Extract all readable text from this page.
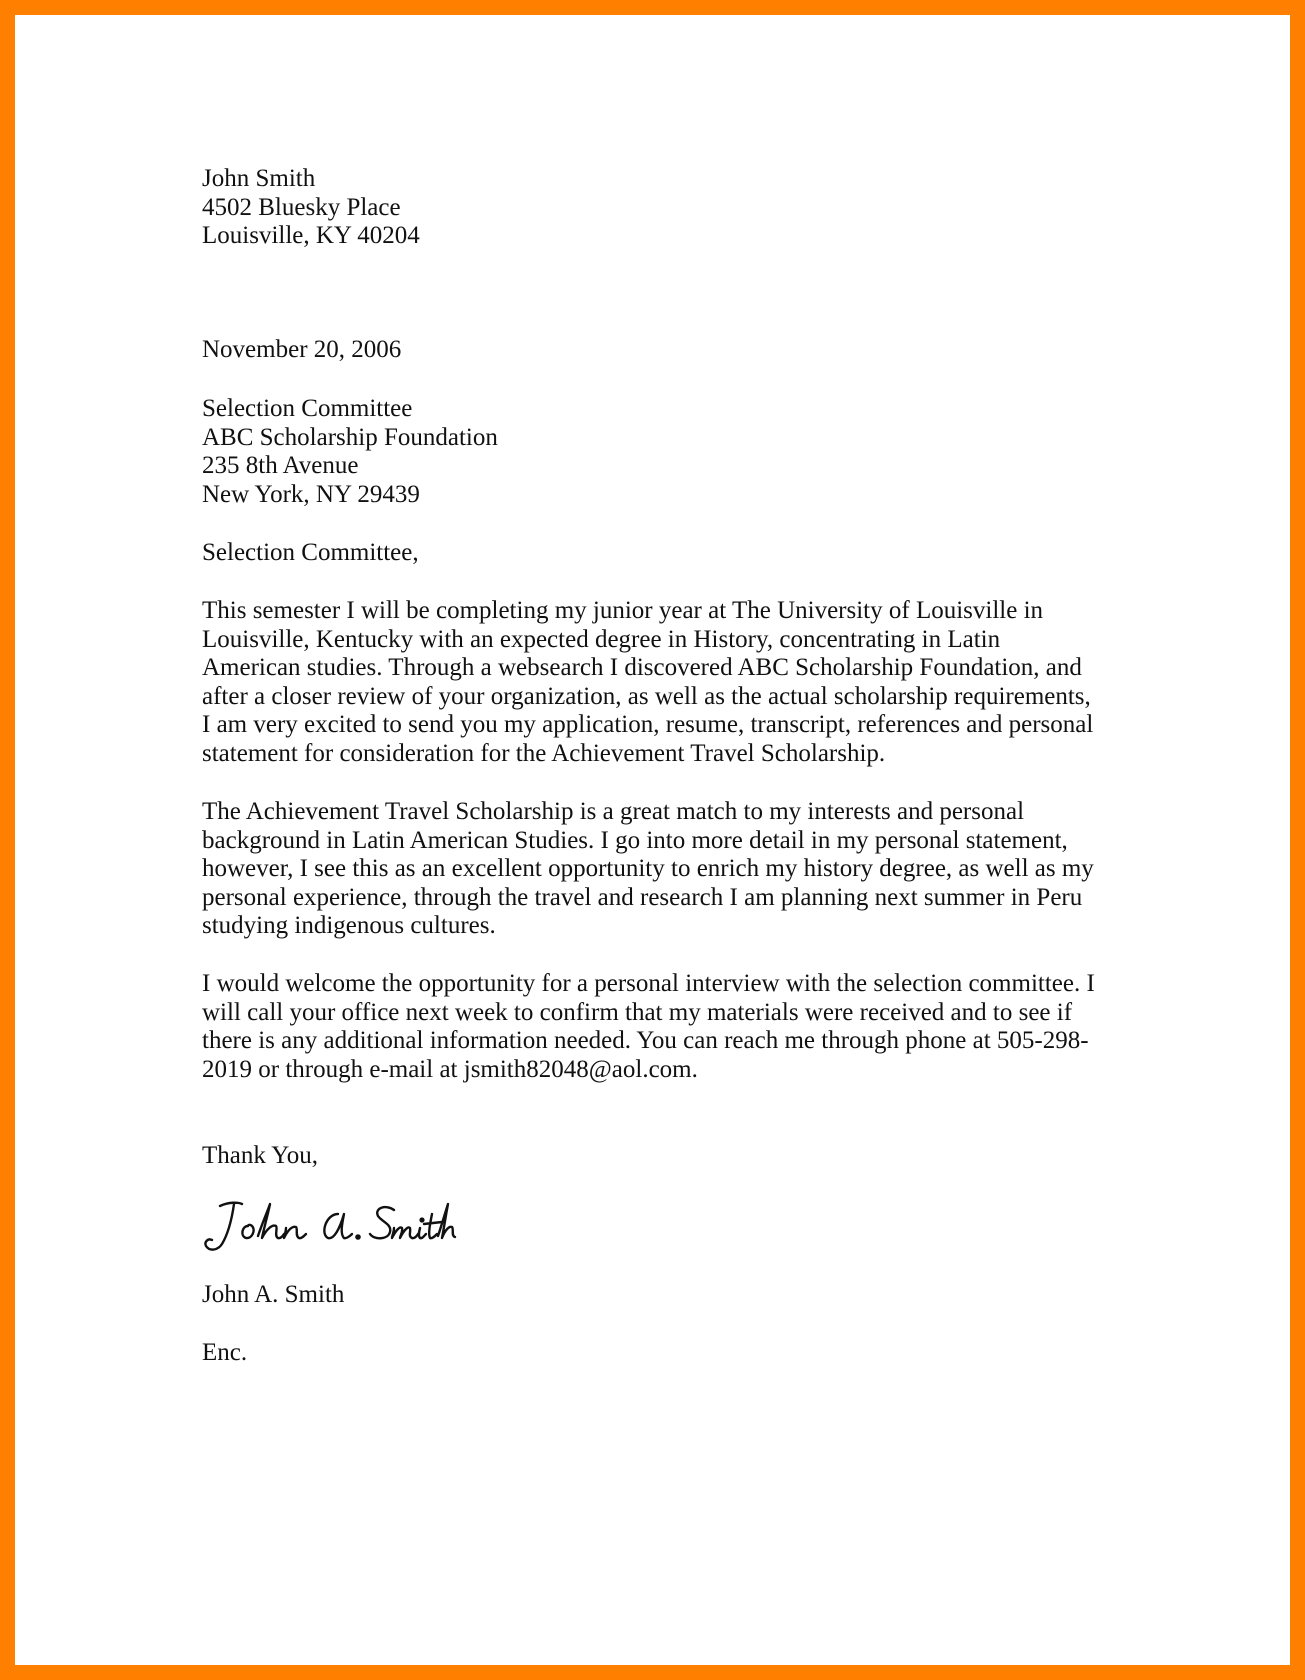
John Smith
4502 Bluesky Place
Louisville, KY 40204
November 20, 2006
Selection Committee
ABC Scholarship Foundation
235 8th Avenue
New York, NY 29439
Selection Committee,
This semester I will be completing my junior year at The University of Louisville in
Louisville, Kentucky with an expected degree in History, concentrating in Latin
American studies. Through a websearch I discovered ABC Scholarship Foundation, and
after a closer review of your organization, as well as the actual scholarship requirements,
I am very excited to send you my application, resume, transcript, references and personal
statement for consideration for the Achievement Travel Scholarship.
The Achievement Travel Scholarship is a great match to my interests and personal
background in Latin American Studies. I go into more detail in my personal statement,
however, I see this as an excellent opportunity to enrich my history degree, as well as my
personal experience, through the travel and research I am planning next summer in Peru
studying indigenous cultures.
I would welcome the opportunity for a personal interview with the selection committee. I
will call your office next week to confirm that my materials were received and to see if
there is any additional information needed. You can reach me through phone at 505-298-
2019 or through e-mail at jsmith82048@aol.com.
Thank You,
John A. Smith
Enc.
